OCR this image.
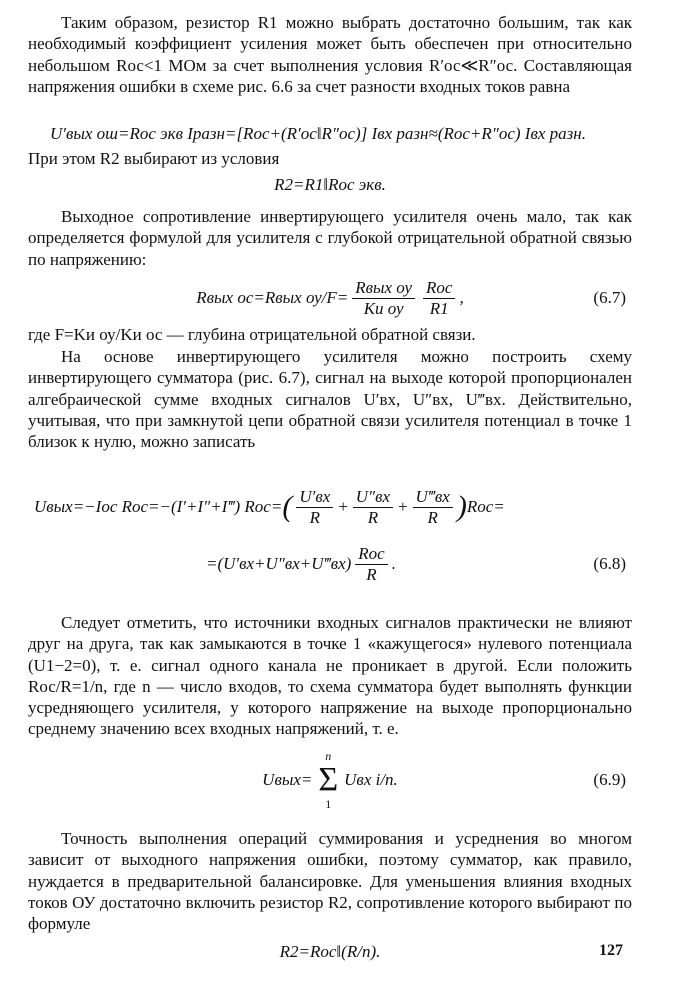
Таким образом, резистор R1 можно выбрать достаточно большим, так как необходимый коэффициент усиления может быть обеспечен при относительно небольшом Rос<1 МОм за счет выполнения условия R′ос≪R″ос. Составляющая напряжения ошибки в схеме рис. 6.6 за счет разности входных токов равна

U′вых ош=Rос экв Iразн=[Rос+(R′ос‖R″ос)] Iвх разн≈(Rос+R″ос) Iвх разн.

При этом R2 выбирают из условия

R2=R1‖Rос экв.

Выходное сопротивление инвертирующего усилителя очень мало, так как определяется формулой для усилителя с глубокой отрицательной обратной связью по напряжению:

Rвых ос=Rвых $оу/F= \frac{\text{Rвых оу}}{\text{Kи оу}} \frac{\text{Rос}}{R1}$ ,	(6.7)

где F=Kи оу/Kи ос — глубина отрицательной обратной связи.

На основе инвертирующего усилителя можно построить схему инвертирующего сумматора (рис. 6.7), сигнал на выходе которой пропорционален алгебраической сумме входных сигналов U′вх, U″вх, U‴вх. Действительно, учитывая, что при замкнутой цепи обратной связи усилителя потенциал в точке 1 близок к нулю, можно записать

Uвых=−Iос Rос=−(I′+I″+I‴) Rос= ( $\frac{U'вх}{R} + \frac{U''вх}{R} + \frac{U‴вх}{R}$ ) Rос=
=(U′вх+U″вх+U‴вх) $\frac{\text{Rос}}{R}$ .	(6.8)

Следует отметить, что источники входных сигналов практически не влияют друг на друга, так как замыкаются в точке 1 «кажущегося» нулевого потенциала (U1−2=0), т. е. сигнал одного канала не проникает в другой. Если положить Rос/R=1/n, где n — число входов, то схема сумматора будет выполнять функции усредняющего усилителя, у которого напряжение на выходе пропорционально среднему значению всех входных напряжений, т. е.

Uвых=
n
Σ
1
Uвх i/n.	(6.9)

Точность выполнения операций суммирования и усреднения во многом зависит от выходного напряжения ошибки, поэтому сумматор, как правило, нуждается в предварительной балансировке. Для уменьшения влияния входных токов ОУ достаточно включить резистор R2, сопротивление которого выбирают по формуле

R2=Rос‖(R/n).	127
